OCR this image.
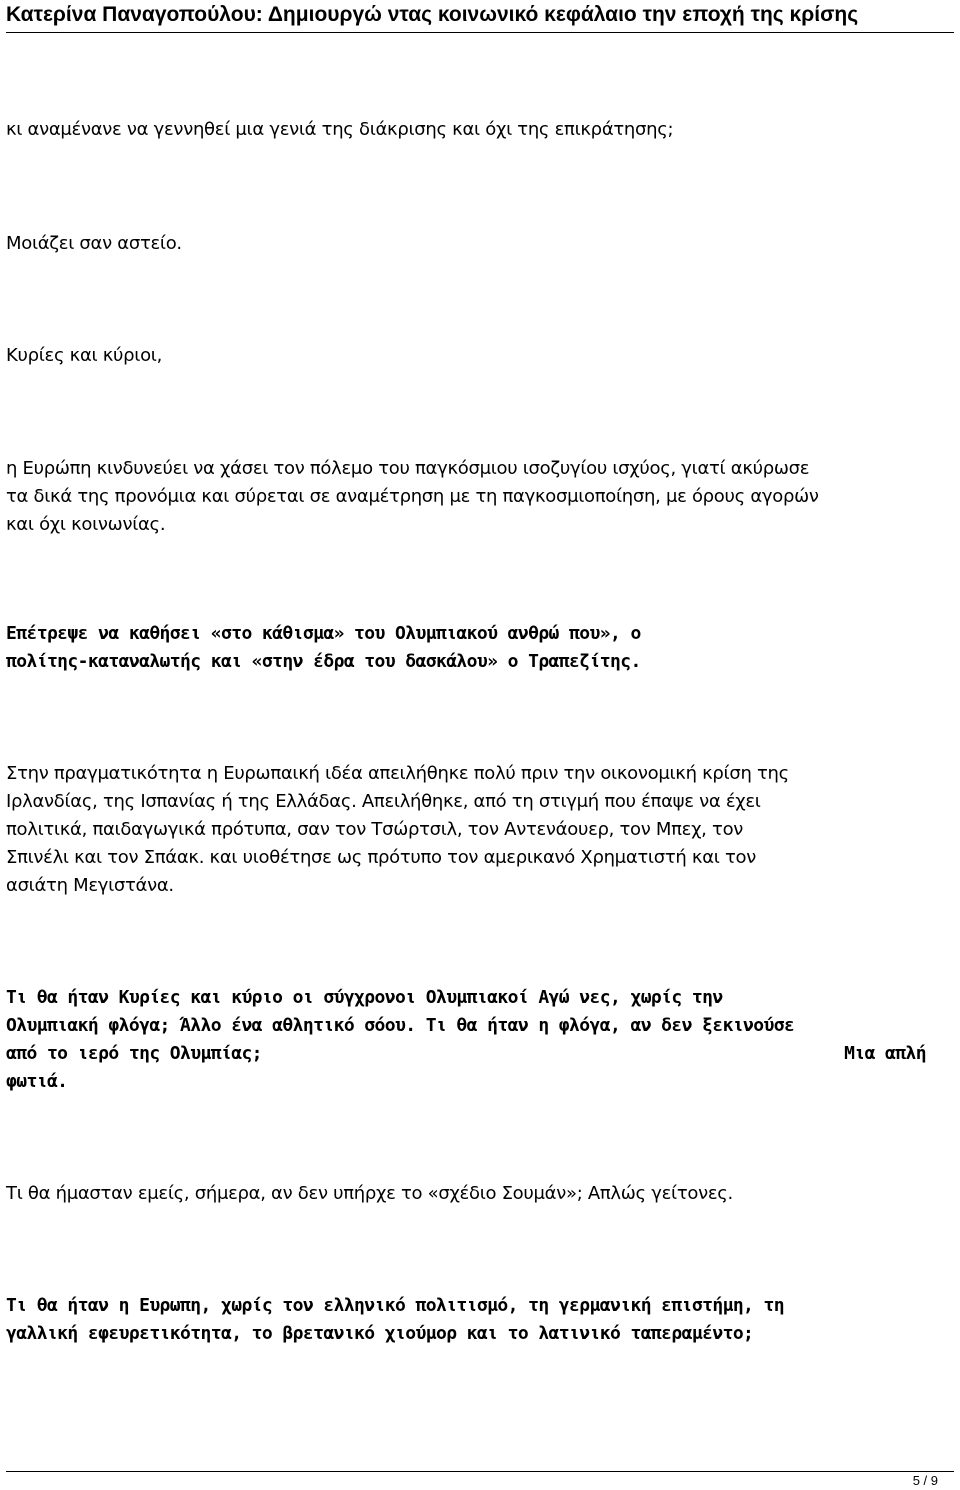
Κατερίνα Παναγοπούλου: Δημιουργώ ντας κοινωνικό κεφάλαιο την εποχή της κρίσης

κι αναμένανε να γεννηθεί μια γενιά της διάκρισης και όχι της επικράτησης;

Μοιάζει σαν αστείο.

Κυρίες και κύριοι,

η Ευρώπη κινδυνεύει να χάσει τον πόλεμο του παγκόσμιου ισοζυγίου ισχύος, γιατί ακύρωσε
τα δικά της προνόμια και σύρεται σε αναμέτρηση με τη παγκοσμιοποίηση, με όρους αγορών
και όχι κοινωνίας.
Επέτρεψε να καθήσει «στο κάθισμα» του Ολυμπιακού ανθρώ που», ο
πολίτης-καταναλωτής και «στην έδρα του δασκάλου» ο Τραπεζίτης.
Στην πραγματικότητα η Ευρωπαική ιδέα απειλήθηκε πολύ πριν την οικονομική κρίση της
Ιρλανδίας, της Ισπανίας ή της Ελλάδας. Απειλήθηκε, από τη στιγμή που έπαψε να έχει
πολιτικά, παιδαγωγικά πρότυπα, σαν τον Τσώρτσιλ, τον Αντενάουερ, τον Μπεχ, τον
Σπινέλι και τον Σπάακ. και υιοθέτησε ως πρότυπο τον αμερικανό Χρηματιστή και τον
ασιάτη Μεγιστάνα.
Τι θα ήταν Κυρίες και κύριο οι σύγχρονοι Ολυμπιακοί Αγώ νες, χωρίς την
Ολυμπιακή φλόγα; Άλλο ένα αθλητικό σόου. Τι θα ήταν η φλόγα, αν δεν ξεκινούσε
από το ιερό της Ολυμπίας;	Μια απλή
φωτιά.

Τι θα ήμασταν εμείς, σήμερα, αν δεν υπήρχε το «σχέδιο Σουμάν»; Απλώς γείτονες.

Τι θα ήταν η Ευρωπη, χωρίς τον ελληνικό πολιτισμό, τη γερμανική επιστήμη, τη
γαλλική εφευρετικότητα, το βρετανικό χιούμορ και το λατινικό ταπεραμέντο;
5 / 9
